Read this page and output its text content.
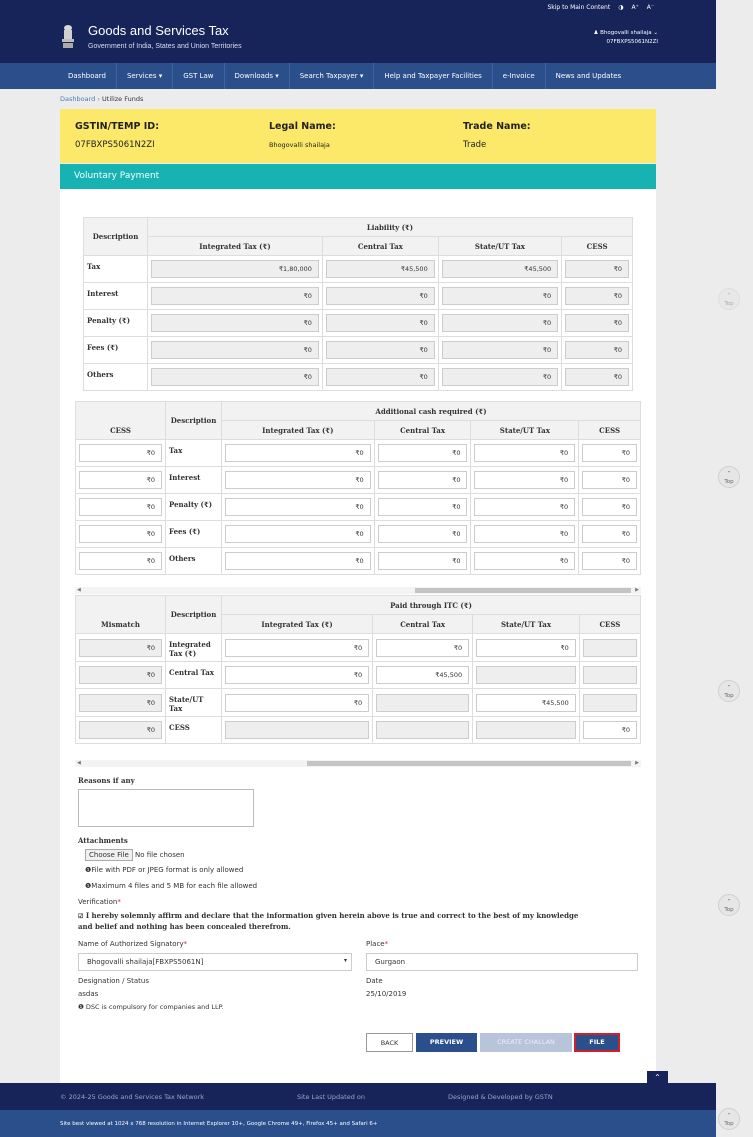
Skip to Main Content ◑ A⁺ A⁻
Goods and Services Tax
Government of India, States and Union Territories
♟ Bhogovalli shailaja ⌄
07FBXPS5061N2ZI
Dashboard	Services ▾	GST Law	Downloads ▾	Search Taxpayer ▾	Help and Taxpayer Facilities	e-Invoice	News and Updates
Dashboard › Utilize Funds
GSTIN/TEMP ID:
07FBXPS5061N2ZI
Legal Name:
Bhogovalli shailaja
Trade Name:
Trade
Voluntary Payment
Description	Liability (₹)			
	Integrated Tax (₹)	Central Tax	State/UT Tax	CESS
Tax	₹1,80,000	₹45,500	₹45,500	₹0

Interest	₹0	₹0	₹0	₹0

Penalty (₹)	₹0	₹0	₹0	₹0

Fees (₹)	₹0	₹0	₹0	₹0

Others	₹0	₹0	₹0	₹0
CESS	Description	Additional cash required (₹)			
		Integrated Tax (₹)	Central Tax	State/UT Tax	CESS

₹0	Tax	₹0	₹0	₹0	₹0

₹0	Interest	₹0	₹0	₹0	₹0

₹0	Penalty (₹)	₹0	₹0	₹0	₹0

₹0	Fees (₹)	₹0	₹0	₹0	₹0

₹0	Others	₹0	₹0	₹0	₹0
◀	▶
Mismatch	Description	Paid through ITC (₹)			
		Integrated Tax (₹)	Central Tax	State/UT Tax	CESS

₹0	Integrated Tax (₹)	₹0	₹0	₹0	

₹0	Central Tax	₹0	₹45,500		

₹0	State/UT Tax	₹0		₹45,500	

₹0	CESS				₹0
◀	▶
Reasons if any
Attachments
Choose File No file chosen
❶File with PDF or JPEG format is only allowed
❶Maximum 4 files and 5 MB for each file allowed
Verification*
☑ I hereby solemnly affirm and declare that the information given herein above is true and correct to the best of my knowledge
and belief and nothing has been concealed therefrom.
Name of Authorized Signatory*
Bhogovalli shailaja[FBXPS5061N]	▾
Place*
Gurgaon
Designation / Status
asdas
Date
25/10/2019
❶ DSC is compulsory for companies and LLP.
BACK	PREVIEW	CREATE CHALLAN	FILE
⌃
© 2024-25 Goods and Services Tax Network	Site Last Updated on	Designed & Developed by GSTN
Site best viewed at 1024 x 768 resolution in Internet Explorer 10+, Google Chrome 49+, Firefox 45+ and Safari 6+
⌃
Top
⌃
Top
⌃
Top
⌃
Top
⌃
Top
